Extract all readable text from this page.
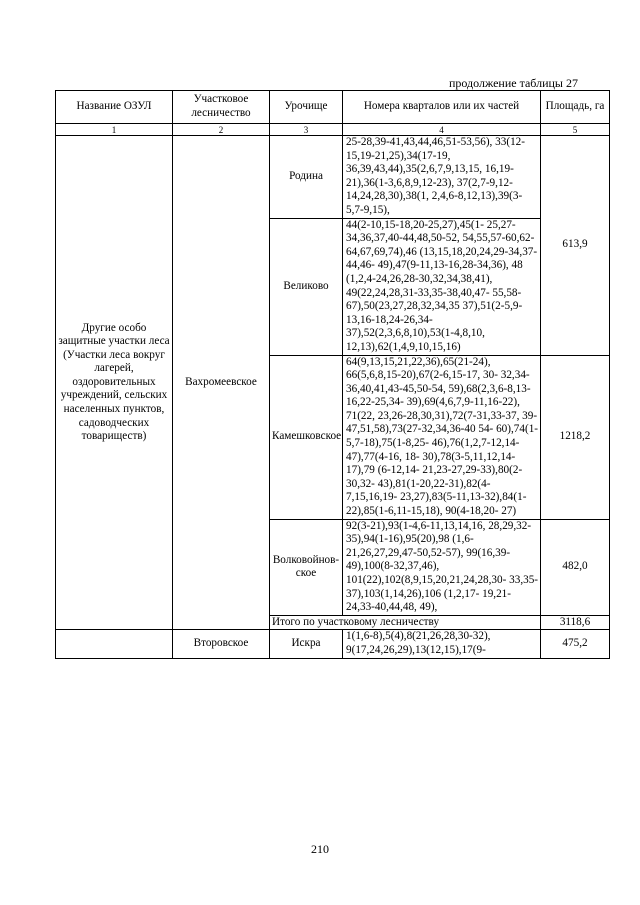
продолжение таблицы 27
Название ОЗУЛ	Участковое лесничество	Урочище	Номера кварталов или их частей	Площадь, га
1	2	3	4	5
Другие особо защитные участки леса (Участки леса вокруг лагерей, оздоровительных учреждений, сельских населенных пунктов, садоводческих товариществ)	Вахромеевское	Родина	25-28,39-41,43,44,46,51-53,56), 33(12-15,19-21,25),34(17-19, 36,39,43,44),35(2,6,7,9,13,15, 16,19-21),36(1-3,6,8,9,12-23), 37(2,7-9,12-14,24,28,30),38(1, 2,4,6-8,12,13),39(3-5,7-9,15),	613,9
		Великово	44(2-10,15-18,20-25,27),45(1- 25,27-34,36,37,40-44,48,50-52, 54,55,57-60,62-64,67,69,74),46 (13,15,18,20,24,29-34,37-44,46- 49),47(9-11,13-16,28-34,36), 48 (1,2,4-24,26,28-30,32,34,38,41), 49(22,24,28,31-33,35-38,40,47- 55,58-67),50(23,27,28,32,34,35 37),51(2-5,9-13,16-18,24-26,34- 37),52(2,3,6,8,10),53(1-4,8,10, 12,13),62(1,4,9,10,15,16)	
		Камешковское	64(9,13,15,21,22,36),65(21-24), 66(5,6,8,15-20),67(2-6,15-17, 30- 32,34-36,40,41,43-45,50-54, 59),68(2,3,6-8,13-16,22-25,34- 39),69(4,6,7,9-11,16-22), 71(22, 23,26-28,30,31),72(7-31,33-37, 39- 47,51,58),73(27-32,34,36-40 54- 60),74(1-5,7-18),75(1-8,25- 46),76(1,2,7-12,14-47),77(4-16, 18- 30),78(3-5,11,12,14-17),79 (6-12,14- 21,23-27,29-33),80(2-30,32- 43),81(1-20,22-31),82(4-7,15,16,19- 23,27),83(5-11,13-32),84(1- 22),85(1-6,11-15,18), 90(4-18,20- 27)	1218,2
		Волковойнов-ское	92(3-21),93(1-4,6-11,13,14,16, 28,29,32-35),94(1-16),95(20),98 (1,6-21,26,27,29,47-50,52-57), 99(16,39-49),100(8-32,37,46), 101(22),102(8,9,15,20,21,24,28,30- 33,35-37),103(1,14,26),106 (1,2,17- 19,21-24,33-40,44,48, 49),	482,0
		Итого по участковому лесничеству		3118,6
	Второвское	Искра	1(1,6-8),5(4),8(21,26,28,30-32), 9(17,24,26,29),13(12,15),17(9-	475,2
210
